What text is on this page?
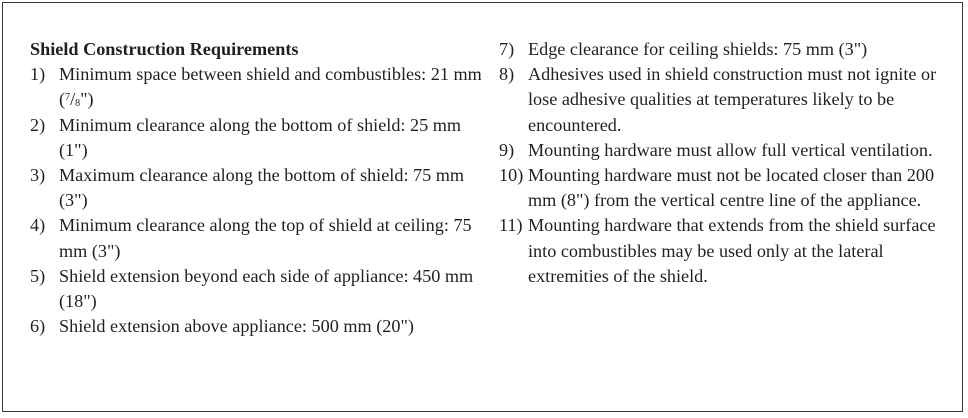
Shield Construction Requirements

1) Minimum space between shield and combustibles: 21 mm $(^7/_8")$
2) Minimum clearance along the bottom of shield: 25 mm (1")
3) Maximum clearance along the bottom of shield: 75 mm (3")
4) Minimum clearance along the top of shield at ceiling: 75 mm (3")
5) Shield extension beyond each side of appliance: 450 mm (18")
6) Shield extension above appliance: 500 mm (20")
7) Edge clearance for ceiling shields: 75 mm (3")
8) Adhesives used in shield construction must not ignite or lose adhesive qualities at temperatures likely to be encountered.
9) Mounting hardware must allow full vertical ventilation.
10) Mounting hardware must not be located closer than 200 mm (8") from the vertical centre line of the appliance.
11) Mounting hardware that extends from the shield surface into combustibles may be used only at the lateral extremities of the shield.
